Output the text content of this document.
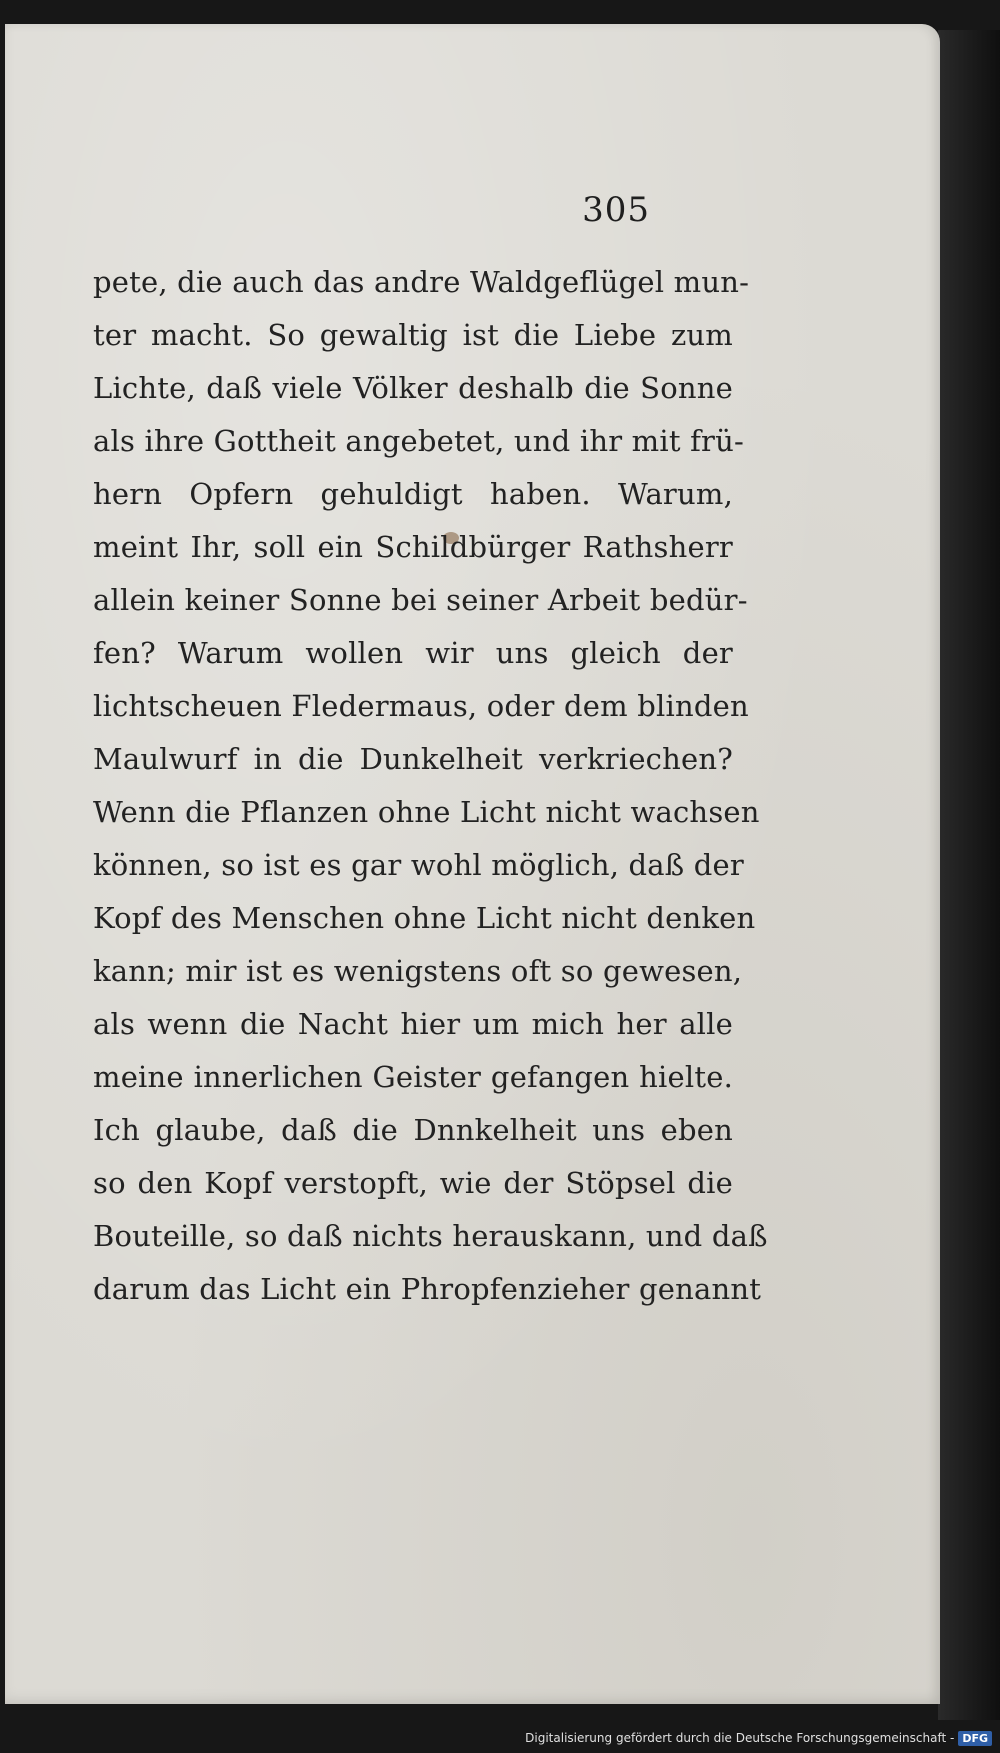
305
pete, die auch das andre Waldgeflügel mun-
ter macht. So gewaltig ist die Liebe zum
Lichte, daß viele Völker deshalb die Sonne
als ihre Gottheit angebetet, und ihr mit frü-
hern Opfern gehuldigt haben. Warum,
meint Ihr, soll ein Schildbürger Rathsherr
allein keiner Sonne bei seiner Arbeit bedür-
fen? Warum wollen wir uns gleich der
lichtscheuen Fledermaus, oder dem blinden
Maulwurf in die Dunkelheit verkriechen?
Wenn die Pflanzen ohne Licht nicht wachsen
können, so ist es gar wohl möglich, daß der
Kopf des Menschen ohne Licht nicht denken
kann; mir ist es wenigstens oft so gewesen,
als wenn die Nacht hier um mich her alle
meine innerlichen Geister gefangen hielte.
Ich glaube, daß die Dnnkelheit uns eben
so den Kopf verstopft, wie der Stöpsel die
Bouteille, so daß nichts herauskann, und daß
darum das Licht ein Phropfenzieher genannt
Digitalisierung gefördert durch die Deutsche Forschungsgemeinschaft - DFG
